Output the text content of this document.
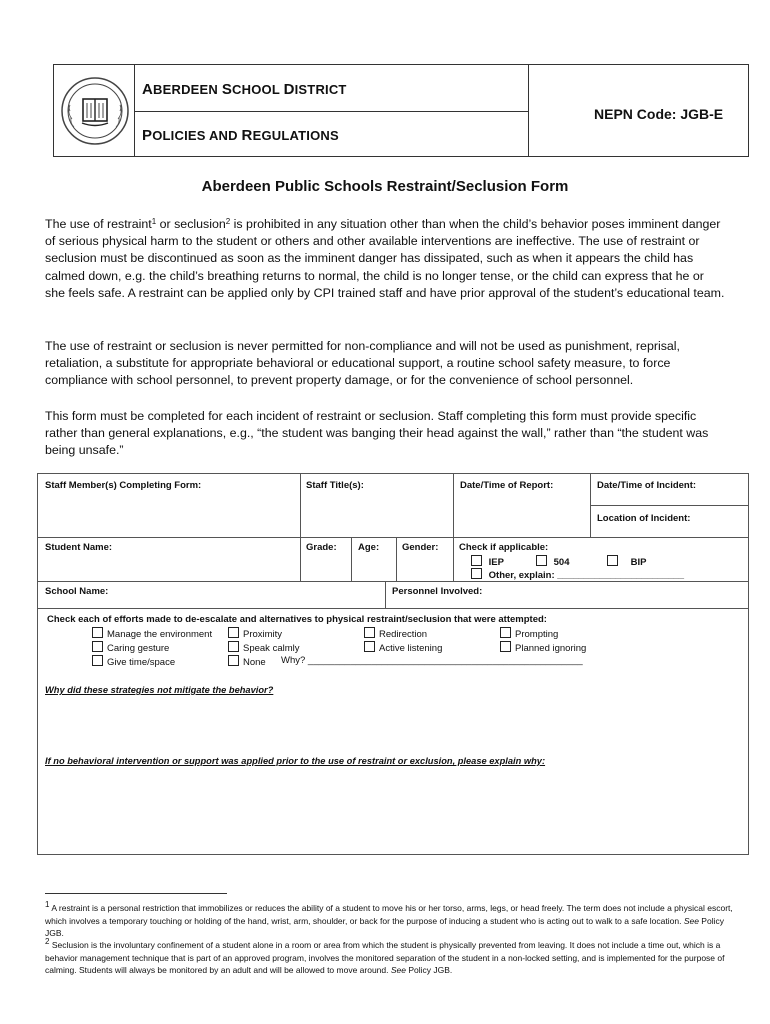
ABERDEEN SCHOOL DISTRICT
POLICIES AND REGULATIONS
NEPN Code: JGB-E
Aberdeen Public Schools Restraint/Seclusion Form
The use of restraint$^1$ or seclusion$^2$ is prohibited in any situation other than when the child’s behavior poses imminent danger of serious physical harm to the student or others and other available interventions are ineffective. The use of restraint or seclusion must be discontinued as soon as the imminent danger has dissipated, such as when it appears the child has calmed down, e.g. the child’s breathing returns to normal, the child is no longer tense, or the child can express that he or she feels safe. A restraint can be applied only by CPI trained staff and have prior approval of the student’s educational team.
The use of restraint or seclusion is never permitted for non-compliance and will not be used as punishment, reprisal, retaliation, a substitute for appropriate behavioral or educational support, a routine school safety measure, to force compliance with school personnel, to prevent property damage, or for the convenience of school personnel.
This form must be completed for each incident of restraint or seclusion. Staff completing this form must provide specific rather than general explanations, e.g., “the student was banging their head against the wall,” rather than “the student was being unsafe.”
Staff Member(s) Completing Form:	Staff Title(s):	Date/Time of Report:	Date/Time of Incident:
Location of Incident:
Student Name:	Grade: Age: Gender: Check if applicable:
IEP	504	BIP
Other, explain: ________________________
School Name:	Personnel Involved:
Check each of efforts made to de-escalate and alternatives to physical restraint/seclusion that were attempted:
Manage the environment	Proximity	Redirection	Prompting
Caring gesture	Speak calmly	Active listening	Planned ignoring
Give time/space	None Why? ____________________________________________________
Why did these strategies not mitigate the behavior?
If no behavioral intervention or support was applied prior to the use of restraint or exclusion, please explain why:
$^1$ A restraint is a personal restriction that immobilizes or reduces the ability of a student to move his or her torso, arms, legs, or head freely. The term does not include a physical escort, which involves a temporary touching or holding of the hand, wrist, arm, shoulder, or back for the purpose of inducing a student who is acting out to walk to a safe location. See Policy JGB.
$^2$ Seclusion is the involuntary confinement of a student alone in a room or area from which the student is physically prevented from leaving. It does not include a time out, which is a behavior management technique that is part of an approved program, involves the monitored separation of the student in a non-locked setting, and is implemented for the purpose of calming. Students will always be monitored by an adult and will be allowed to move around. See Policy JGB.
